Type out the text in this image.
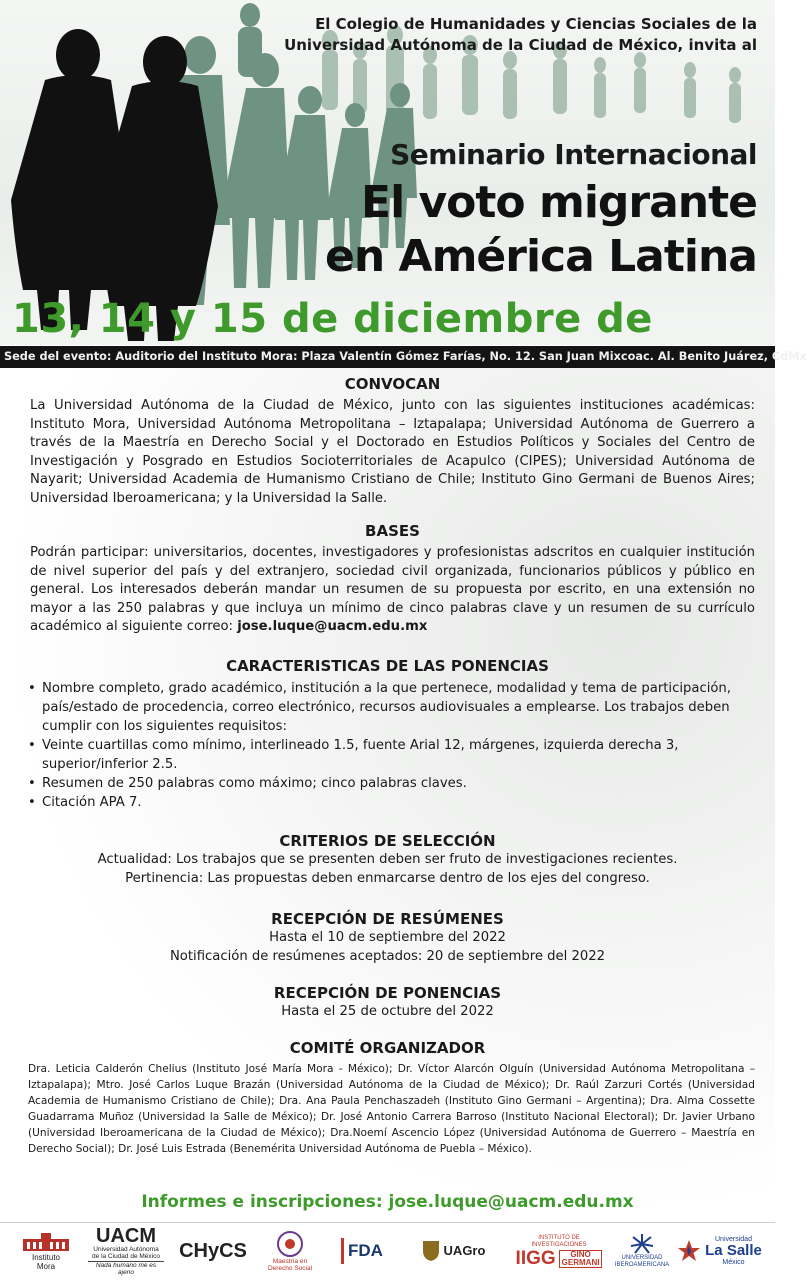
El Colegio de Humanidades y Ciencias Sociales de la
Universidad Autónoma de la Ciudad de México, invita al
Seminario Internacional
El voto migrante
en América Latina
13, 14 y 15 de diciembre de
Sede del evento: Auditorio del Instituto Mora: Plaza Valentín Gómez Farías, No. 12. San Juan Mixcoac. Al. Benito Juárez, CdMx
CONVOCAN

La Universidad Autónoma de la Ciudad de México, junto con las siguientes instituciones académicas: Instituto Mora, Universidad Autónoma Metropolitana – Iztapalapa; Universidad Autónoma de Guerrero a través de la Maestría en Derecho Social y el Doctorado en Estudios Políticos y Sociales del Centro de Investigación y Posgrado en Estudios Socioterritoriales de Acapulco (CIPES); Universidad Autónoma de Nayarit; Universidad Academia de Humanismo Cristiano de Chile; Instituto Gino Germani de Buenos Aires; Universidad Iberoamericana; y la Universidad la Salle.

BASES

Podrán participar: universitarios, docentes, investigadores y profesionistas adscritos en cualquier institución de nivel superior del país y del extranjero, sociedad civil organizada, funcionarios públicos y público en general. Los interesados deberán mandar un resumen de su propuesta por escrito, en una extensión no mayor a las 250 palabras y que incluya un mínimo de cinco palabras clave y un resumen de su currículo académico al siguiente correo: jose.luque@uacm.edu.mx

CARACTERISTICAS DE LAS PONENCIAS
• Nombre completo, grado académico, institución a la que pertenece, modalidad y tema de participación, país/estado de procedencia, correo electrónico, recursos audiovisuales a emplearse. Los trabajos deben cumplir con los siguientes requisitos:
• Veinte cuartillas como mínimo, interlineado 1.5, fuente Arial 12, márgenes, izquierda derecha 3, superior/inferior 2.5.
• Resumen de 250 palabras como máximo; cinco palabras claves.
• Citación APA 7.
CRITERIOS DE SELECCIÓN

Actualidad: Los trabajos que se presenten deben ser fruto de investigaciones recientes.

Pertinencia: Las propuestas deben enmarcarse dentro de los ejes del congreso.

RECEPCIÓN DE RESÚMENES

Hasta el 10 de septiembre del 2022

Notificación de resúmenes aceptados: 20 de septiembre del 2022

RECEPCIÓN DE PONENCIAS

Hasta el 25 de octubre del 2022

COMITÉ ORGANIZADOR

Dra. Leticia Calderón Chelius (Instituto José María Mora - México); Dr. Víctor Alarcón Olguín (Universidad Autónoma Metropolitana – Iztapalapa); Mtro. José Carlos Luque Brazán (Universidad Autónoma de la Ciudad de México); Dr. Raúl Zarzuri Cortés (Universidad Academia de Humanismo Cristiano de Chile); Dra. Ana Paula Penchaszadeh (Instituto Gino Germani – Argentina); Dra. Alma Cossette Guadarrama Muñoz (Universidad la Salle de México); Dr. José Antonio Carrera Barroso (Instituto Nacional Electoral); Dr. Javier Urbano (Universidad Iberoamericana de la Ciudad de México); Dra.Noemí Ascencio López (Universidad Autónoma de Guerrero – Maestría en Derecho Social); Dr. José Luis Estrada (Benemérita Universidad Autónoma de Puebla – México).

Informes e inscripciones: jose.luque@uacm.edu.mx
Instituto
Mora
UACM
Universidad Autónoma
de la Ciudad de México
Nada humano me es ajeno
CHyCS	Maestría en Derecho Social
FDA	UAGro
INSTITUTO DE INVESTIGACIONES
IIGG	GINO
GERMANI	UNIVERSIDAD
IBEROAMERICANA
Universidad
La Salle
México
